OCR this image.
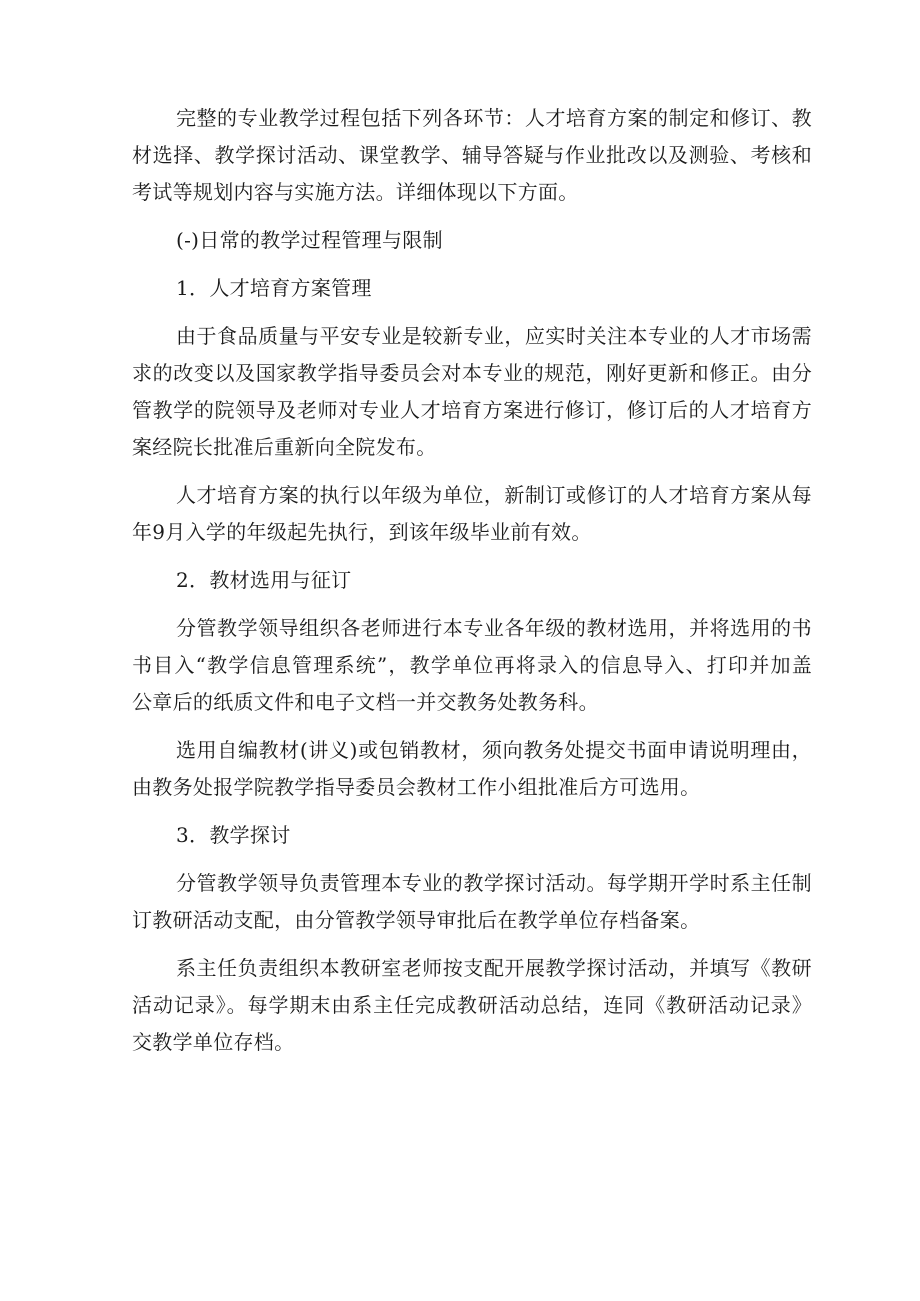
完整的专业教学过程包括下列各环节：人才培育方案的制定和修订、教
材选择、教学探讨活动、课堂教学、辅导答疑与作业批改以及测验、考核和
考试等规划内容与实施方法。详细体现以下方面。
(-)日常的教学过程管理与限制
1．人才培育方案管理
由于食品质量与平安专业是较新专业，应实时关注本专业的人才市场需
求的改变以及国家教学指导委员会对本专业的规范，刚好更新和修正。由分
管教学的院领导及老师对专业人才培育方案进行修订，修订后的人才培育方
案经院长批准后重新向全院发布。
人才培育方案的执行以年级为单位，新制订或修订的人才培育方案从每
年9月入学的年级起先执行，到该年级毕业前有效。
2．教材选用与征订
分管教学领导组织各老师进行本专业各年级的教材选用，并将选用的书
书目入“教学信息管理系统”，教学单位再将录入的信息导入、打印并加盖
公章后的纸质文件和电子文档一并交教务处教务科。
选用自编教材(讲义)或包销教材，须向教务处提交书面申请说明理由，
由教务处报学院教学指导委员会教材工作小组批准后方可选用。
3．教学探讨
分管教学领导负责管理本专业的教学探讨活动。每学期开学时系主任制
订教研活动支配，由分管教学领导审批后在教学单位存档备案。
系主任负责组织本教研室老师按支配开展教学探讨活动，并填写《教研
活动记录》。每学期末由系主任完成教研活动总结，连同《教研活动记录》
交教学单位存档。
